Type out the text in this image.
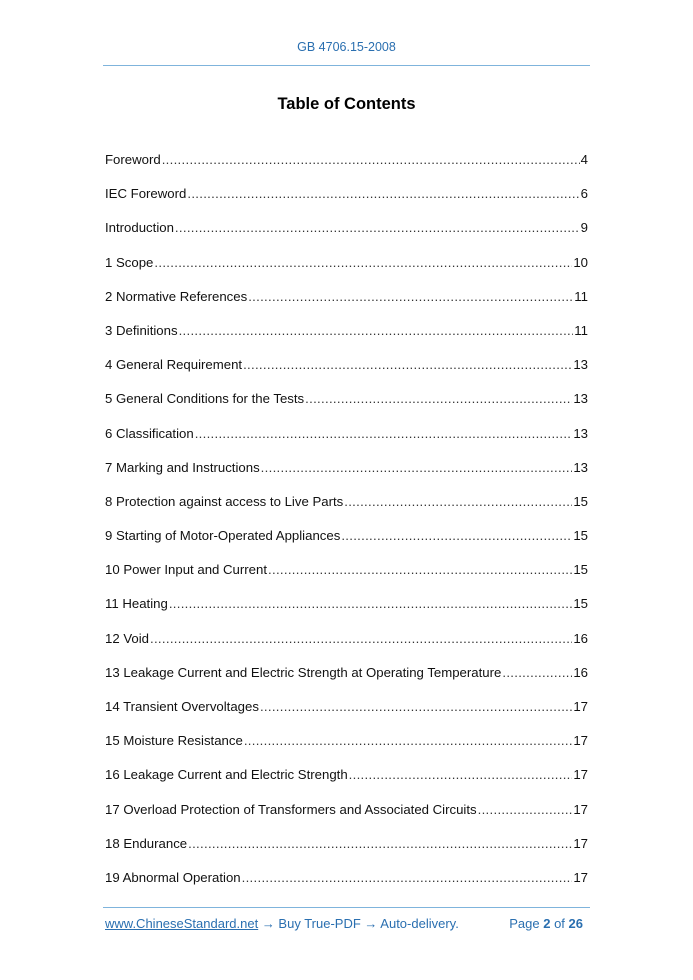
GB 4706.15-2008
Table of Contents
Foreword .....	4
IEC Foreword .....	6
Introduction .....	9
1 Scope .....	10
2 Normative References .....	11
3 Definitions .....	11
4 General Requirement .....	13
5 General Conditions for the Tests .....	13
6 Classification .....	13
7 Marking and Instructions .....	13
8 Protection against access to Live Parts .....	15
9 Starting of Motor-Operated Appliances .....	15
10 Power Input and Current .....	15
11 Heating .....	15
12 Void .....	16
13 Leakage Current and Electric Strength at Operating Temperature .....	16
14 Transient Overvoltages .....	17
15 Moisture Resistance .....	17
16 Leakage Current and Electric Strength .....	17
17 Overload Protection of Transformers and Associated Circuits .....	17
18 Endurance .....	17
19 Abnormal Operation .....	17
www.ChineseStandard.net → Buy True-PDF → Auto-delivery.	Page 2 of 26
